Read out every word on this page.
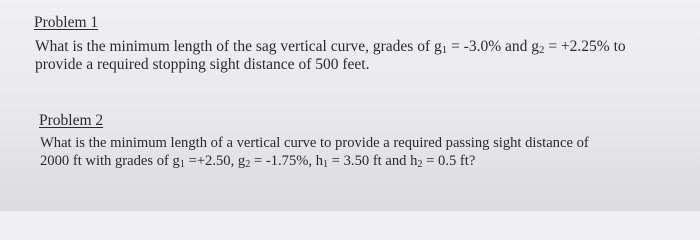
Problem 1
What is the minimum length of the sag vertical curve, grades of $g_1 = -3.0\%$ and $g_2 = +2.25\%$ to
provide a required stopping sight distance of 500 feet.
Problem 2
What is the minimum length of a vertical curve to provide a required passing sight distance of
2000 ft with grades of $g_1 =+2.50$, $g_2 = -1.75\%$, $h_1 = 3.50$ ft and $h_2 = 0.5$ ft?
